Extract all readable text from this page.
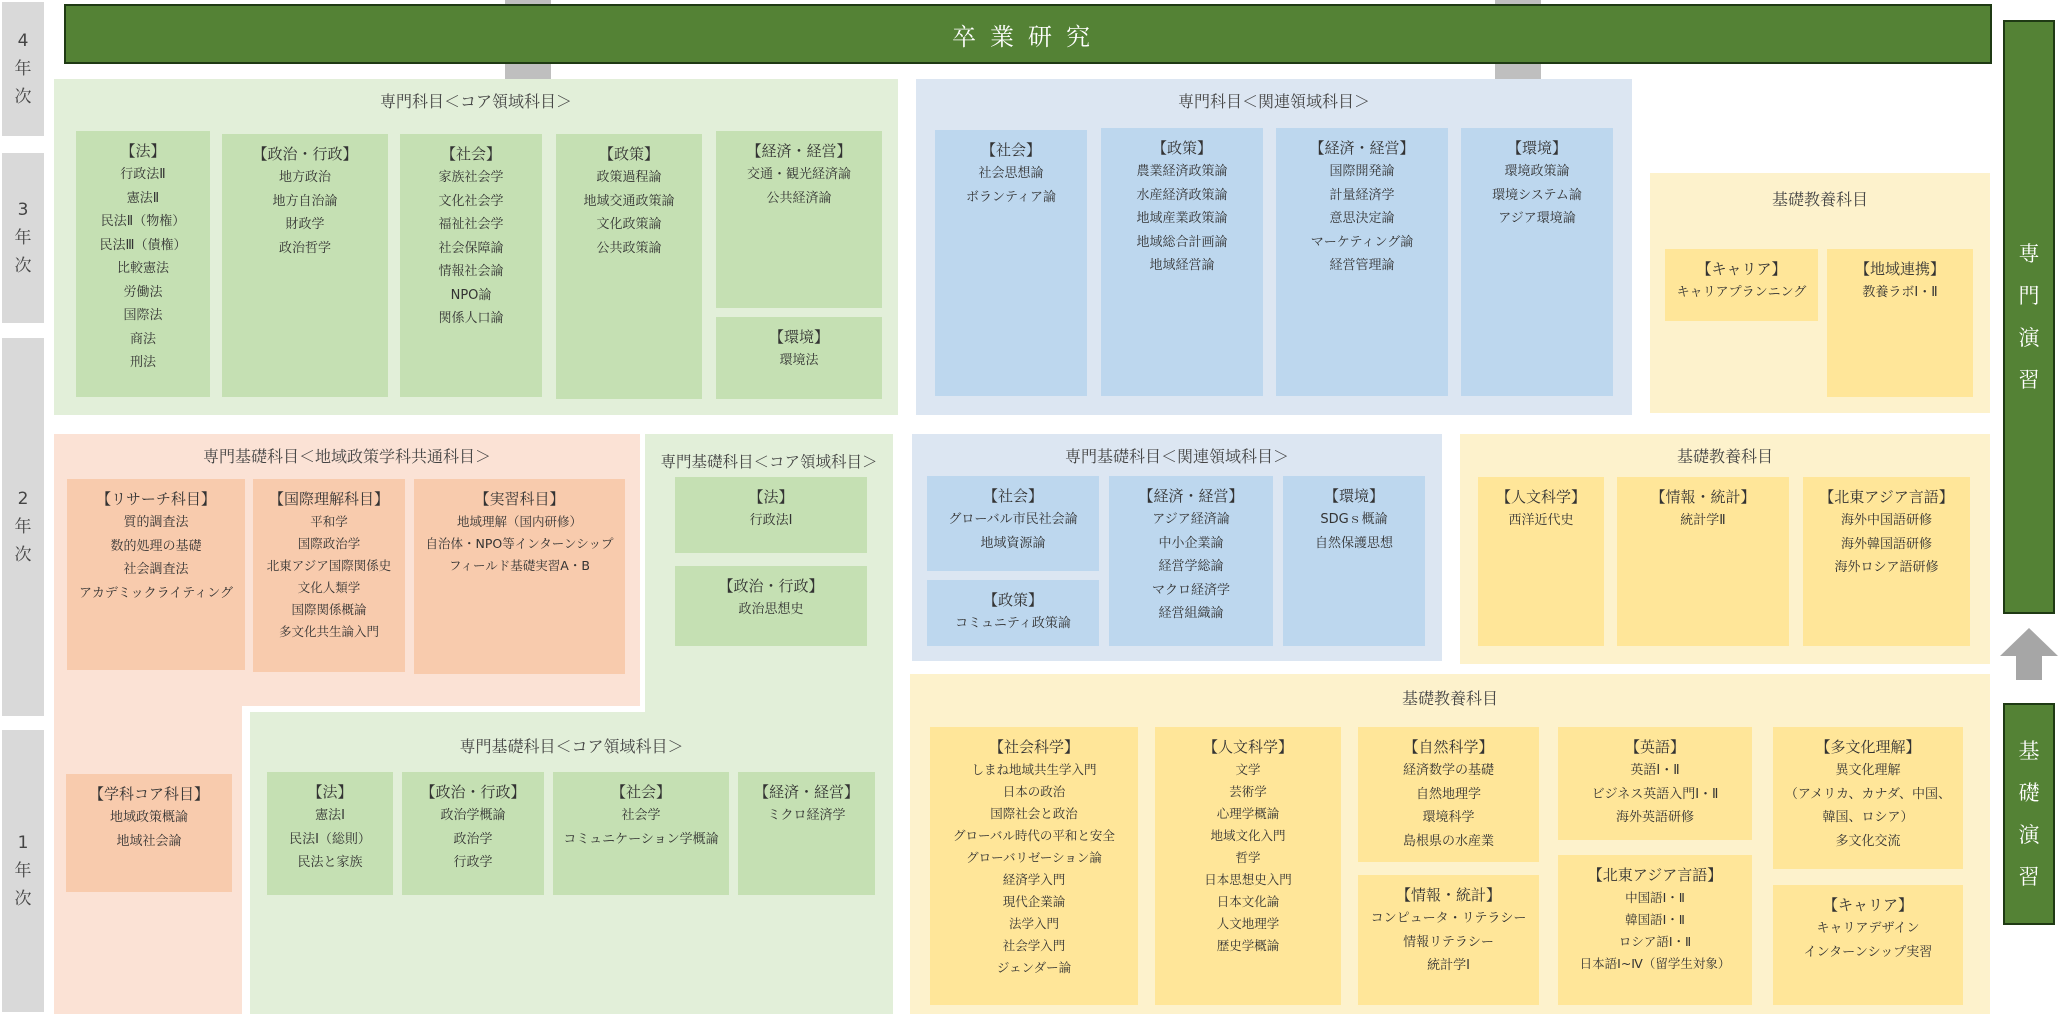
4
年
次
3
年
次
2
年
次
1
年
次
卒業研究
専
門
演
習
基
礎
演
習
専門科目＜コア領域科目＞
【法】
行政法Ⅱ
憲法Ⅱ
民法Ⅱ（物権）
民法Ⅲ（債権）
比較憲法
労働法
国際法
商法
刑法
【政治・行政】
地方政治
地方自治論
財政学
政治哲学
【社会】
家族社会学
文化社会学
福祉社会学
社会保障論
情報社会論
NPO論
関係人口論
【政策】
政策過程論
地域交通政策論
文化政策論
公共政策論
【経済・経営】
交通・観光経済論
公共経済論
【環境】
環境法
専門科目＜関連領域科目＞
【社会】
社会思想論
ボランティア論
【政策】
農業経済政策論
水産経済政策論
地域産業政策論
地域総合計画論
地域経営論
【経済・経営】
国際開発論
計量経済学
意思決定論
マーケティング論
経営管理論
【環境】
環境政策論
環境システム論
アジア環境論
基礎教養科目
【キャリア】
キャリアプランニング
【地域連携】
教養ラボⅠ・Ⅱ
専門基礎科目＜コア領域科目＞
【法】
行政法Ⅰ
【政治・行政】
政治思想史
専門基礎科目＜地域政策学科共通科目＞
【リサーチ科目】
質的調査法
数的処理の基礎
社会調査法
アカデミックライティング
【国際理解科目】
平和学
国際政治学
北東アジア国際関係史
文化人類学
国際関係概論
多文化共生論入門
【実習科目】
地域理解（国内研修）
自治体・NPO等インターンシップ
フィールド基礎実習A・B
【学科コア科目】
地域政策概論
地域社会論
専門基礎科目＜コア領域科目＞
【法】
憲法Ⅰ
民法Ⅰ（総則）
民法と家族
【政治・行政】
政治学概論
政治学
行政学
【社会】
社会学
コミュニケーション学概論
【経済・経営】
ミクロ経済学
専門基礎科目＜関連領域科目＞
【社会】
グローバル市民社会論
地域資源論
【政策】
コミュニティ政策論
【経済・経営】
アジア経済論
中小企業論
経営学総論
マクロ経済学
経営組織論
【環境】
SDGｓ概論
自然保護思想
基礎教養科目
【人文科学】
西洋近代史
【情報・統計】
統計学Ⅱ
【北東アジア言語】
海外中国語研修
海外韓国語研修
海外ロシア語研修
基礎教養科目
【社会科学】
しまね地域共生学入門
日本の政治
国際社会と政治
グローバル時代の平和と安全
グローバリゼーション論
経済学入門
現代企業論
法学入門
社会学入門
ジェンダー論
【人文科学】
文学
芸術学
心理学概論
地域文化入門
哲学
日本思想史入門
日本文化論
人文地理学
歴史学概論
【自然科学】
経済数学の基礎
自然地理学
環境科学
島根県の水産業
【情報・統計】
コンピュータ・リテラシー
情報リテラシー
統計学Ⅰ
【英語】
英語Ⅰ・Ⅱ
ビジネス英語入門Ⅰ・Ⅱ
海外英語研修
【北東アジア言語】
中国語Ⅰ・Ⅱ
韓国語Ⅰ・Ⅱ
ロシア語Ⅰ・Ⅱ
日本語Ⅰ~Ⅳ（留学生対象）
【多文化理解】
異文化理解
（アメリカ、カナダ、中国、
韓国、ロシア）
多文化交流
【キャリア】
キャリアデザイン
インターンシップ実習
